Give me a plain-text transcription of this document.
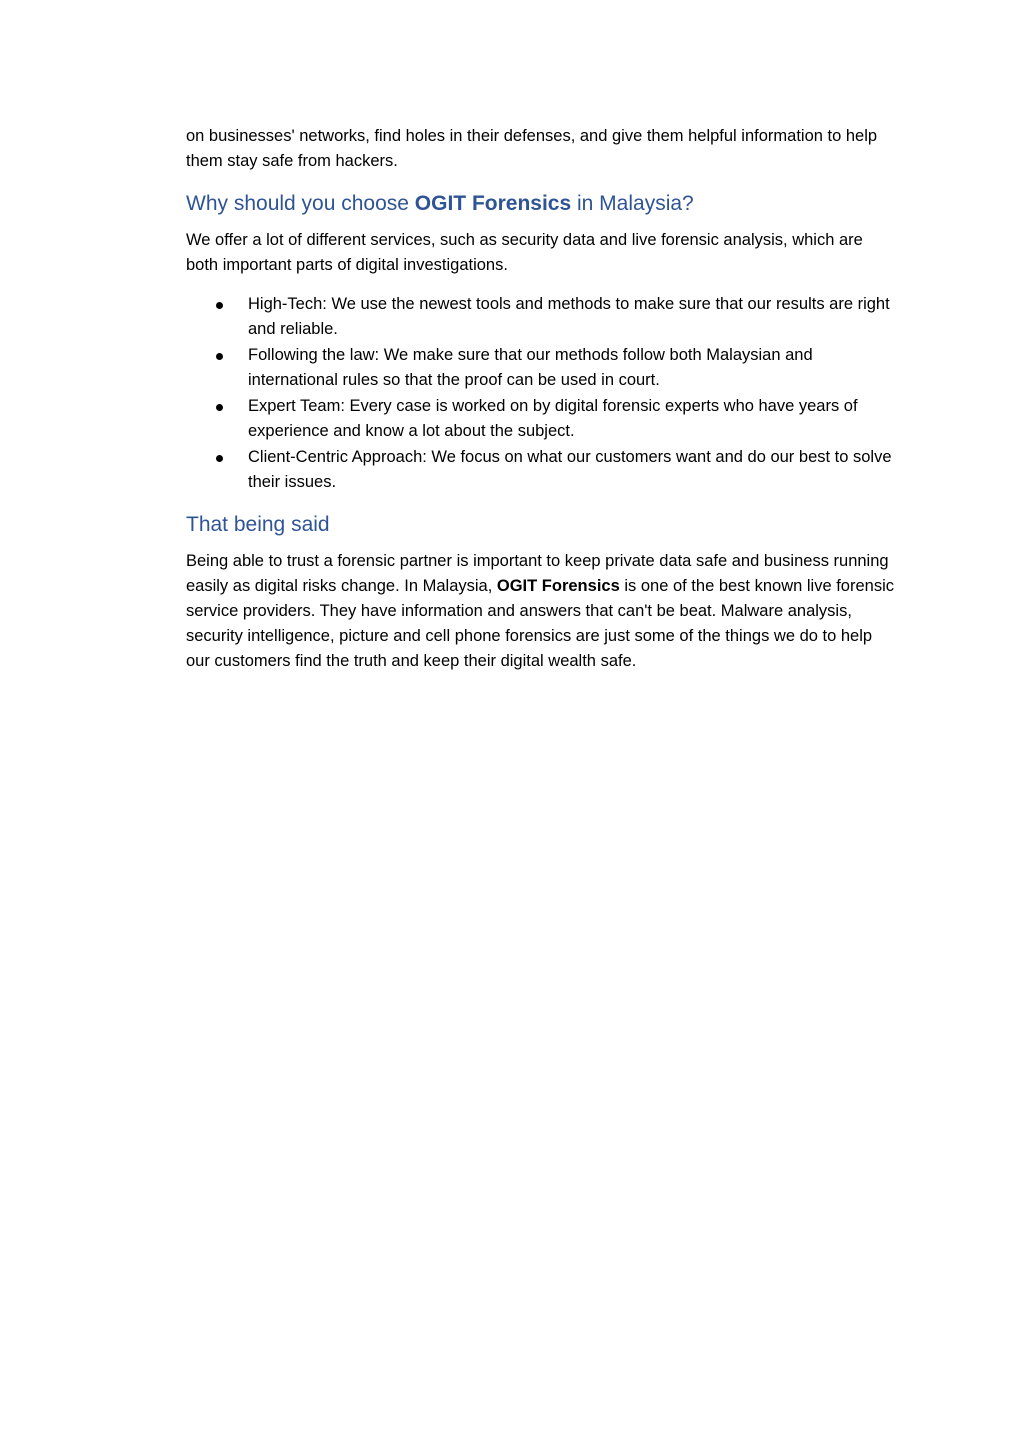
on businesses' networks, find holes in their defenses, and give them helpful information to help them stay safe from hackers.

Why should you choose OGIT Forensics in Malaysia?

We offer a lot of different services, such as security data and live forensic analysis, which are both important parts of digital investigations.

High-Tech: We use the newest tools and methods to make sure that our results are right and reliable.
Following the law: We make sure that our methods follow both Malaysian and international rules so that the proof can be used in court.
Expert Team: Every case is worked on by digital forensic experts who have years of experience and know a lot about the subject.
Client-Centric Approach: We focus on what our customers want and do our best to solve their issues.
That being said

Being able to trust a forensic partner is important to keep private data safe and business running easily as digital risks change. In Malaysia, OGIT Forensics is one of the best known live forensic service providers. They have information and answers that can't be beat. Malware analysis, security intelligence, picture and cell phone forensics are just some of the things we do to help our customers find the truth and keep their digital wealth safe.
